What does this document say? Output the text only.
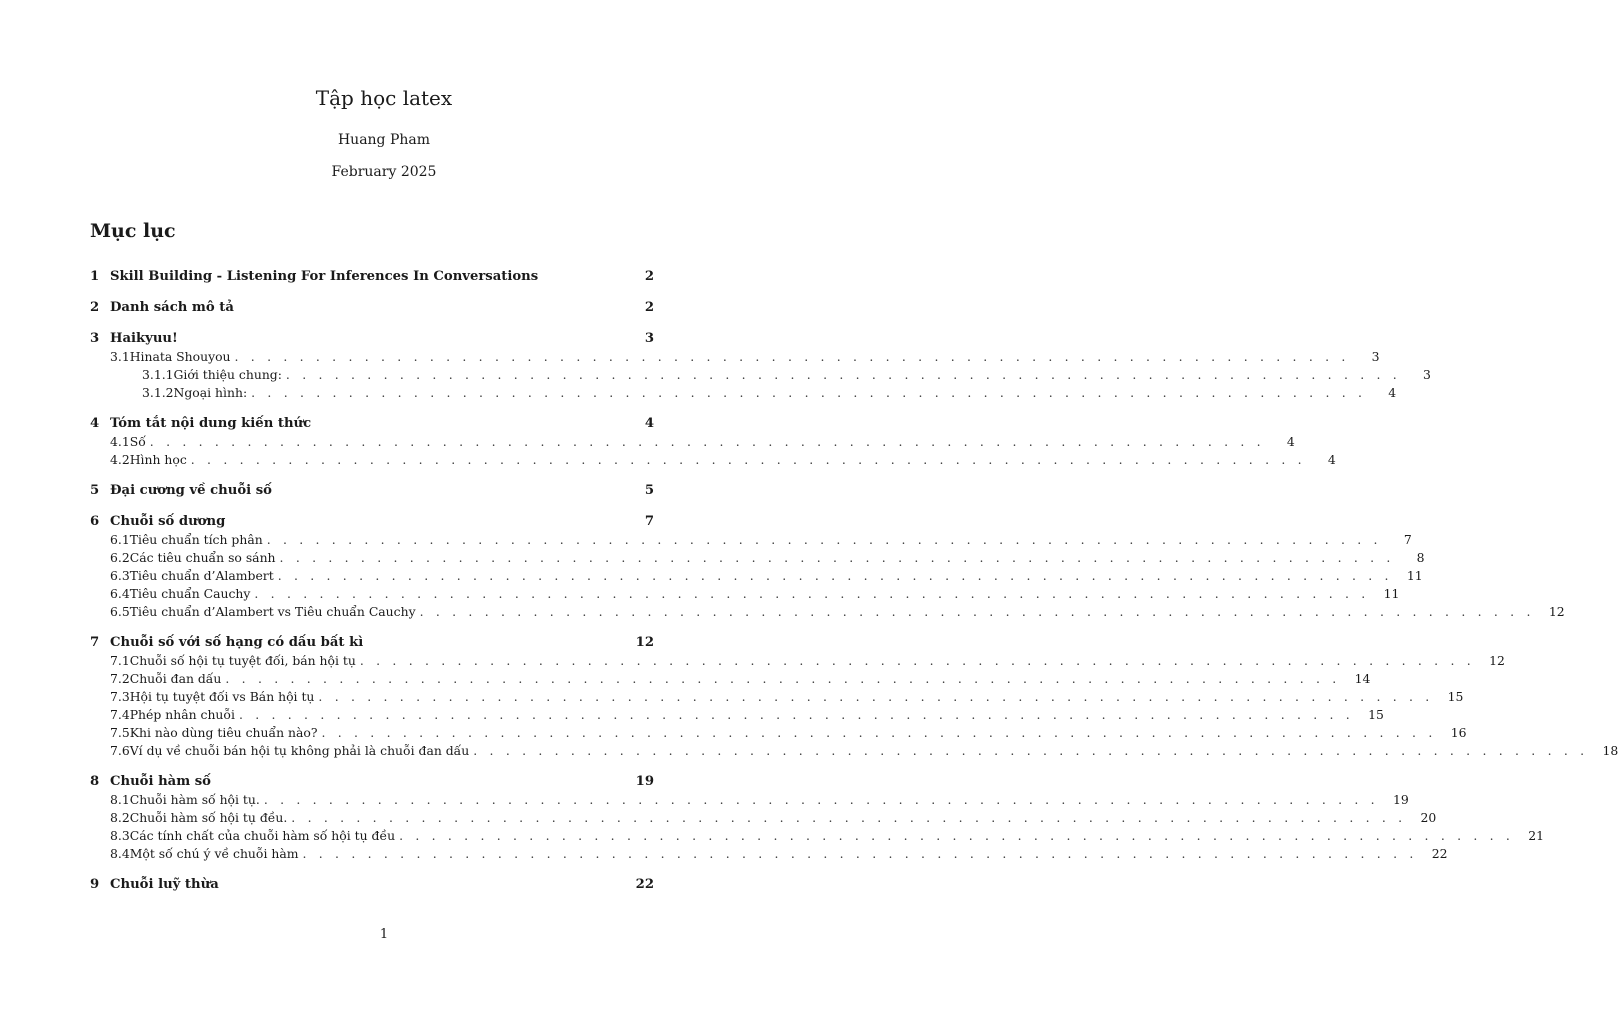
Tập học latex
Huang Pham
February 2025
Mục lục
1 Skill Building - Listening For Inferences In Conversations	2
2 Danh sách mô tả	2
3 Haikyuu!	3
3.1 Hinata Shouyou . . . . . . . . . . . . . . . . . . . . . . . . . . . . . . . . . . . . . . . . . . . . . . . . . . . . . . . . . . . . . . . . . . . . .	3
3.1.1 Giới thiệu chung: . . . . . . . . . . . . . . . . . . . . . . . . . . . . . . . . . . . . . . . . . . . . . . . . . . . . . . . . . . . . . . . . . . . . .	3
3.1.2 Ngoại hình: . . . . . . . . . . . . . . . . . . . . . . . . . . . . . . . . . . . . . . . . . . . . . . . . . . . . . . . . . . . . . . . . . . . . .	4
4 Tóm tắt nội dung kiến thức	4
4.1 Số . . . . . . . . . . . . . . . . . . . . . . . . . . . . . . . . . . . . . . . . . . . . . . . . . . . . . . . . . . . . . . . . . . . . .	4
4.2 Hình học . . . . . . . . . . . . . . . . . . . . . . . . . . . . . . . . . . . . . . . . . . . . . . . . . . . . . . . . . . . . . . . . . . . . .	4
5 Đại cương về chuỗi số	5
6 Chuỗi số dương	7
6.1 Tiêu chuẩn tích phân . . . . . . . . . . . . . . . . . . . . . . . . . . . . . . . . . . . . . . . . . . . . . . . . . . . . . . . . . . . . . . . . . . . . .	7
6.2 Các tiêu chuẩn so sánh . . . . . . . . . . . . . . . . . . . . . . . . . . . . . . . . . . . . . . . . . . . . . . . . . . . . . . . . . . . . . . . . . . . . .	8
6.3 Tiêu chuẩn d’Alambert . . . . . . . . . . . . . . . . . . . . . . . . . . . . . . . . . . . . . . . . . . . . . . . . . . . . . . . . . . . . . . . . . . . . .	11
6.4 Tiêu chuẩn Cauchy . . . . . . . . . . . . . . . . . . . . . . . . . . . . . . . . . . . . . . . . . . . . . . . . . . . . . . . . . . . . . . . . . . . . .	11
6.5 Tiêu chuẩn d’Alambert vs Tiêu chuẩn Cauchy . . . . . . . . . . . . . . . . . . . . . . . . . . . . . . . . . . . . . . . . . . . . . . . . . . . . . . . . . . . . . . . . . . . . .	12
7 Chuỗi số với số hạng có dấu bất kì	12
7.1 Chuỗi số hội tụ tuyệt đối, bán hội tụ . . . . . . . . . . . . . . . . . . . . . . . . . . . . . . . . . . . . . . . . . . . . . . . . . . . . . . . . . . . . . . . . . . . . .	12
7.2 Chuỗi đan dấu . . . . . . . . . . . . . . . . . . . . . . . . . . . . . . . . . . . . . . . . . . . . . . . . . . . . . . . . . . . . . . . . . . . . .	14
7.3 Hội tụ tuyệt đối vs Bán hội tụ . . . . . . . . . . . . . . . . . . . . . . . . . . . . . . . . . . . . . . . . . . . . . . . . . . . . . . . . . . . . . . . . . . . . .	15
7.4 Phép nhân chuỗi . . . . . . . . . . . . . . . . . . . . . . . . . . . . . . . . . . . . . . . . . . . . . . . . . . . . . . . . . . . . . . . . . . . . .	15
7.5 Khi nào dùng tiêu chuẩn nào? . . . . . . . . . . . . . . . . . . . . . . . . . . . . . . . . . . . . . . . . . . . . . . . . . . . . . . . . . . . . . . . . . . . . .	16
7.6 Ví dụ về chuỗi bán hội tụ không phải là chuỗi đan dấu . . . . . . . . . . . . . . . . . . . . . . . . . . . . . . . . . . . . . . . . . . . . . . . . . . . . . . . . . . . . . . . . . . . . .	18
8 Chuỗi hàm số	19
8.1 Chuỗi hàm số hội tụ. . . . . . . . . . . . . . . . . . . . . . . . . . . . . . . . . . . . . . . . . . . . . . . . . . . . . . . . . . . . . . . . . . . . . .	19
8.2 Chuỗi hàm số hội tụ đều. . . . . . . . . . . . . . . . . . . . . . . . . . . . . . . . . . . . . . . . . . . . . . . . . . . . . . . . . . . . . . . . . . . . . .	20
8.3 Các tính chất của chuỗi hàm số hội tụ đều . . . . . . . . . . . . . . . . . . . . . . . . . . . . . . . . . . . . . . . . . . . . . . . . . . . . . . . . . . . . . . . . . . . . .	21
8.4 Một số chú ý về chuỗi hàm . . . . . . . . . . . . . . . . . . . . . . . . . . . . . . . . . . . . . . . . . . . . . . . . . . . . . . . . . . . . . . . . . . . . .	22
9 Chuỗi luỹ thừa	22
1
